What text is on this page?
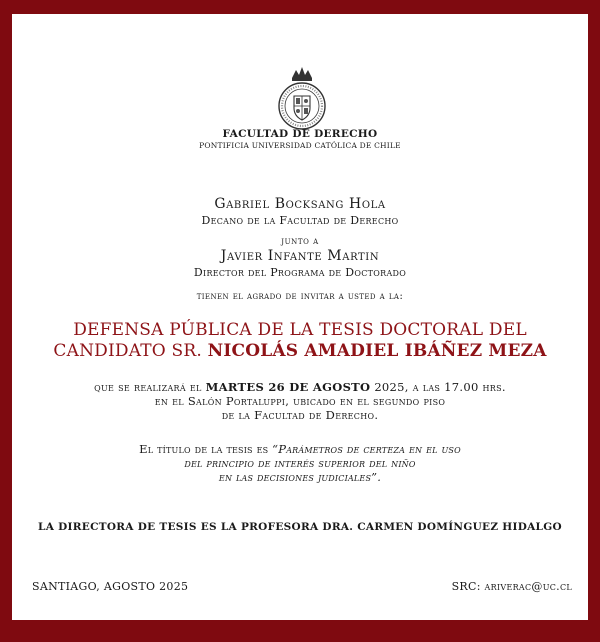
FACULTAD DE DERECHO
PONTIFICIA UNIVERSIDAD CATÓLICA DE CHILE
Gabriel Bocksang Hola
Decano de la Facultad de Derecho
junto a
Javier Infante Martin
Director del Programa de Doctorado
tienen el agrado de invitar a usted a la:
DEFENSA PÚBLICA DE LA TESIS DOCTORAL DEL
CANDIDATO SR. NICOLÁS AMADIEL IBÁÑEZ MEZA
que se realizará el MARTES 26 DE AGOSTO 2025, a las 17.00 hrs.
en el Salón Portaluppi, ubicado en el segundo piso
de la Facultad de Derecho.
El título de la tesis es “Parámetros de certeza en el uso
del principio de interés superior del niño
en las decisiones judiciales”.
LA DIRECTORA DE TESIS ES LA PROFESORA DRA. CARMEN DOMÍNGUEZ HIDALGO
SANTIAGO, AGOSTO 2025	SRC: ariverac@uc.cl
